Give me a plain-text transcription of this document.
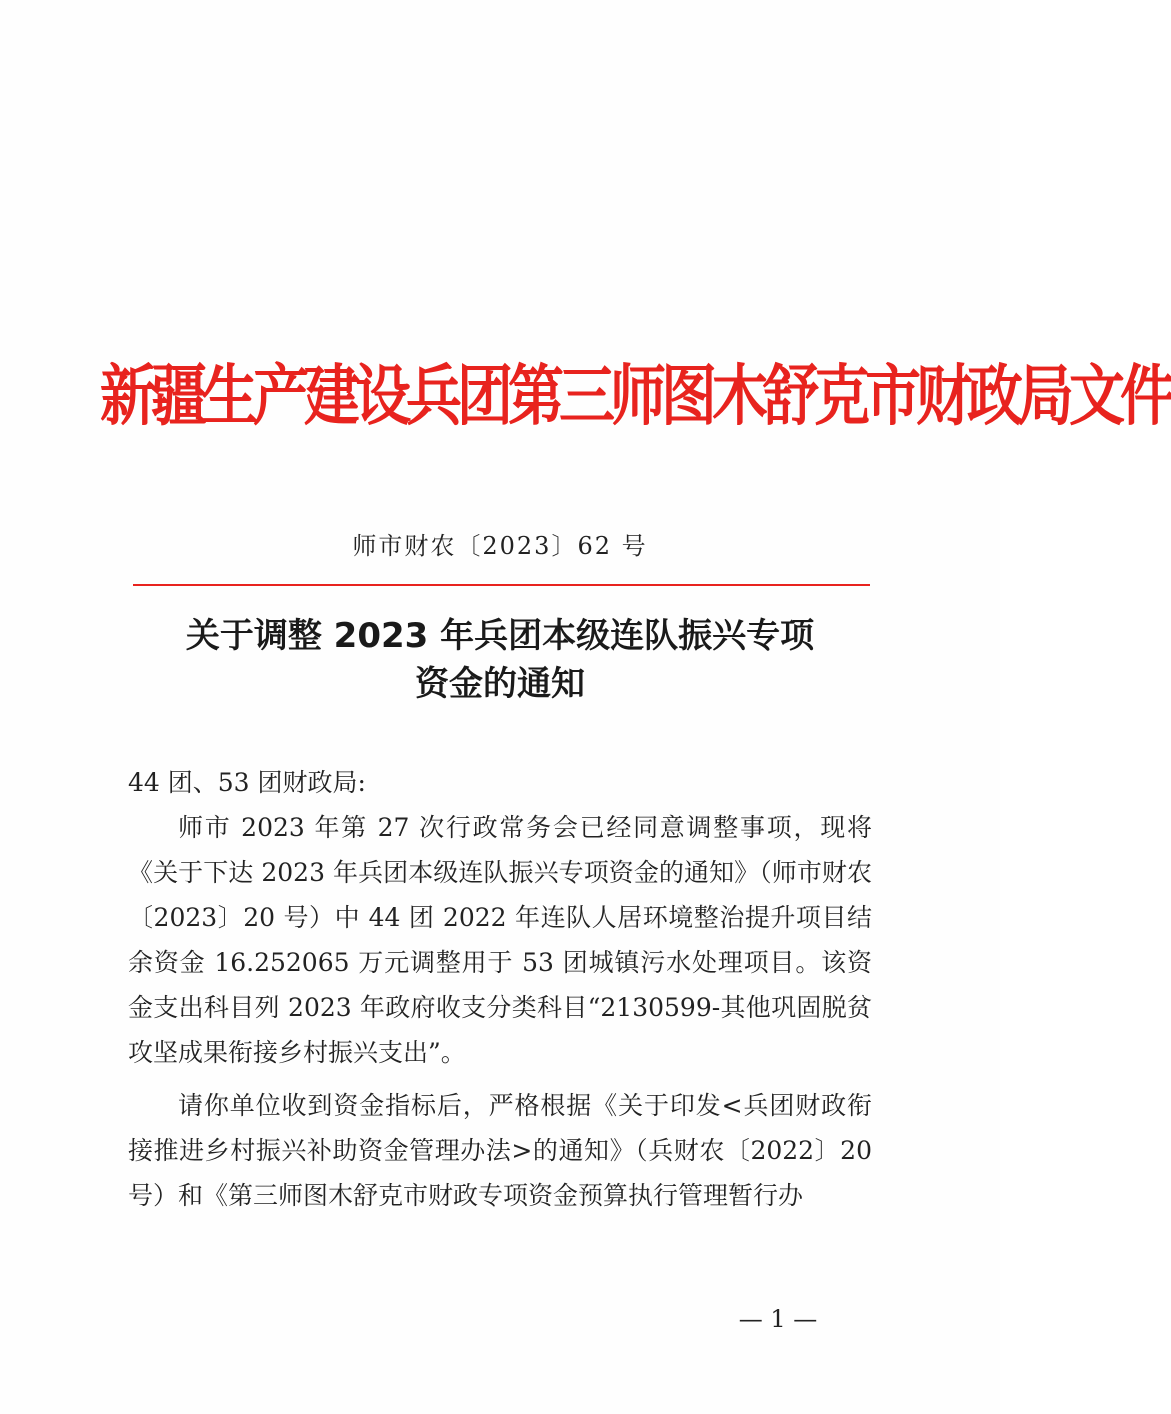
新疆生产建设兵团第三师图木舒克市财政局文件
师市财农〔2023〕62 号
关于调整 2023 年兵团本级连队振兴专项
资金的通知

44 团、53 团财政局:

师市 2023 年第 27 次行政常务会已经同意调整事项，现将《关于下达 2023 年兵团本级连队振兴专项资金的通知》（师市财农〔2023〕20 号）中 44 团 2022 年连队人居环境整治提升项目结余资金 16.252065 万元调整用于 53 团城镇污水处理项目。该资金支出科目列 2023 年政府收支分类科目“2130599-其他巩固脱贫攻坚成果衔接乡村振兴支出”。

请你单位收到资金指标后，严格根据《关于印发<兵团财政衔接推进乡村振兴补助资金管理办法>的通知》（兵财农〔2022〕20 号）和《第三师图木舒克市财政专项资金预算执行管理暂行办

— 1 —
